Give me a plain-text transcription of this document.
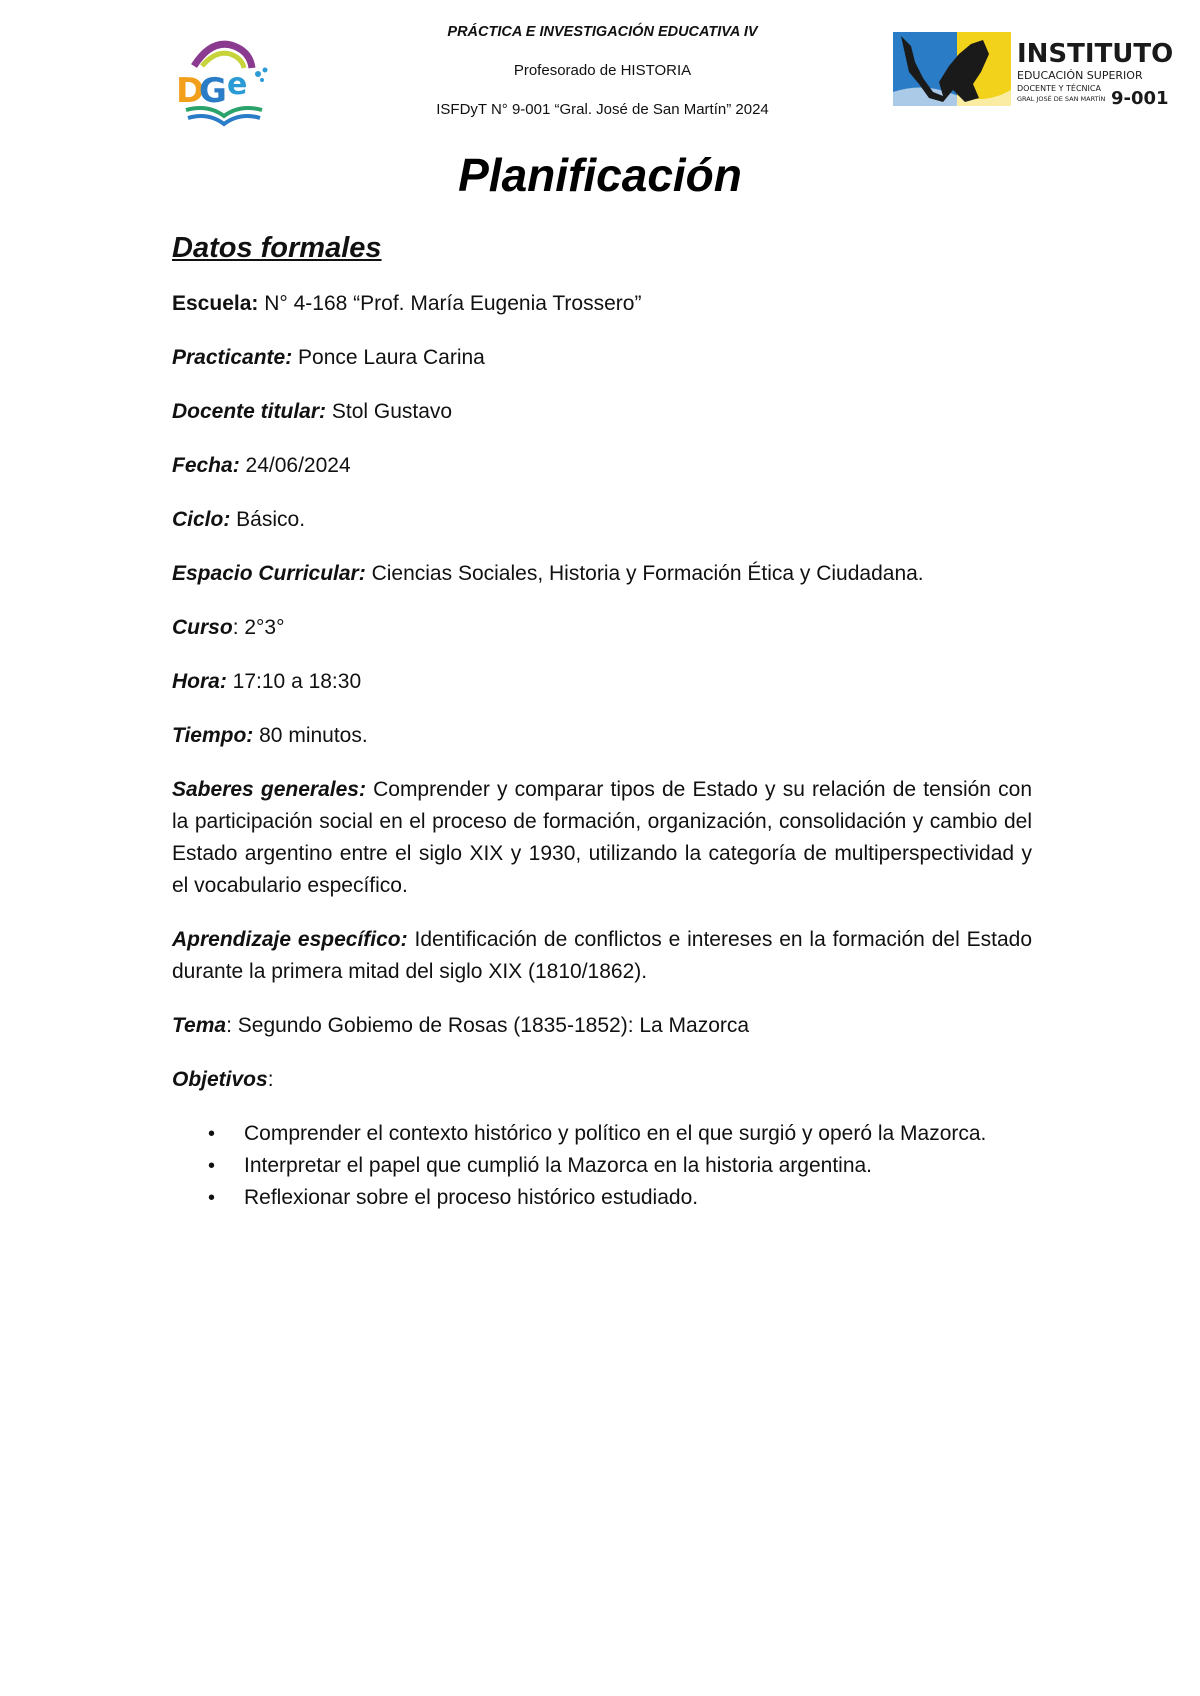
D
G e
PRÁCTICA E INVESTIGACIÓN EDUCATIVA IV
Profesorado de HISTORIA
ISFDyT N° 9-001 “Gral. José de San Martín” 2024
INSTITUTO
EDUCACIÓN SUPERIOR
DOCENTE Y TÉCNICA
GRAL JOSÉ DE SAN MARTÍN 9-001
Planificación
Datos formales
Escuela: N° 4-168 “Prof. María Eugenia Trossero”
Practicante: Ponce Laura Carina
Docente titular: Stol Gustavo
Fecha: 24/06/2024
Ciclo: Básico.
Espacio Curricular: Ciencias Sociales, Historia y Formación Ética y Ciudadana.
Curso: 2°3°
Hora: 17:10 a 18:30
Tiempo: 80 minutos.
Saberes generales: Comprender y comparar tipos de Estado y su relación de tensión con la participación social en el proceso de formación, organización, consolidación y cambio del Estado argentino entre el siglo XIX y 1930, utilizando la categoría de multiperspectividad y el vocabulario específico.
Aprendizaje específico: Identificación de conflictos e intereses en la formación del Estado durante la primera mitad del siglo XIX (1810/1862).
Tema: Segundo Gobiemo de Rosas (1835-1852): La Mazorca
Objetivos:
• Comprender el contexto histórico y político en el que surgió y operó la Mazorca.
• Interpretar el papel que cumplió la Mazorca en la historia argentina.
• Reflexionar sobre el proceso histórico estudiado.
